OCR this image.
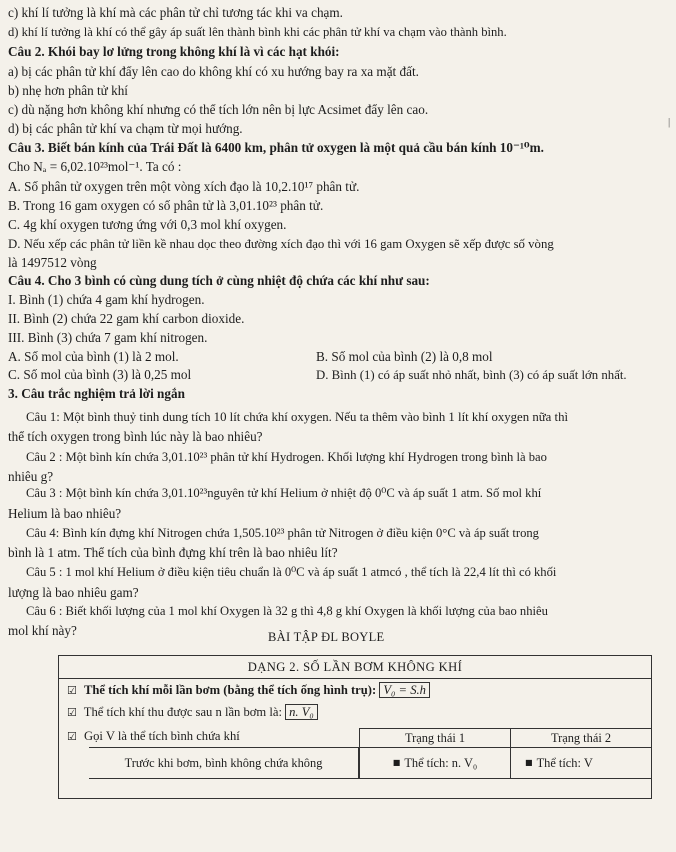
c) khí lí tưởng là khí mà các phân tử chỉ tương tác khi va chạm.
d) khí lí tưởng là khí có thể gây áp suất lên thành bình khi các phân tử khí va chạm vào thành bình.
Câu 2. Khói bay lơ lửng trong không khí là vì các hạt khói:
a) bị các phân tử khí đẩy lên cao do không khí có xu hướng bay ra xa mặt đất.
b) nhẹ hơn phân tử khí
c) dù nặng hơn không khí nhưng có thể tích lớn nên bị lực Acsimet đẩy lên cao.
d) bị các phân tử khí va chạm từ mọi hướng.
Câu 3. Biết bán kính của Trái Đất là 6400 km, phân tử oxygen là một quả cầu bán kính 10⁻¹⁰m.
Cho Nₐ = 6,02.10²³mol⁻¹. Ta có :
A. Số phân tử oxygen trên một vòng xích đạo là 10,2.10¹⁷ phân tử.
B. Trong 16 gam oxygen có số phân tử là 3,01.10²³ phân tử.
C. 4g khí oxygen tương ứng với 0,3 mol khí oxygen.
D. Nếu xếp các phân tử liền kề nhau dọc theo đường xích đạo thì với 16 gam Oxygen sẽ xếp được số vòng
là 1497512 vòng
Câu 4. Cho 3 bình có cùng dung tích ở cùng nhiệt độ chứa các khí như sau:
I. Bình (1) chứa 4 gam khí hydrogen.
II. Bình (2) chứa 22 gam khí carbon dioxide.
III. Bình (3) chứa 7 gam khí nitrogen.
A. Số mol của bình (1) là 2 mol.	B. Số mol của bình (2) là 0,8 mol
C. Số mol của bình (3) là 0,25 mol	D. Bình (1) có áp suất nhỏ nhất, bình (3) có áp suất lớn nhất.
3. Câu trắc nghiệm trả lời ngắn
Câu 1: Một bình thuỷ tinh dung tích 10 lít chứa khí oxygen. Nếu ta thêm vào bình 1 lít khí oxygen nữa thì
thể tích oxygen trong bình lúc này là bao nhiêu?
Câu 2 : Một bình kín chứa 3,01.10²³ phân tử khí Hydrogen. Khối lượng khí Hydrogen trong bình là bao
nhiêu g?
Câu 3 : Một bình kín chứa 3,01.10²³nguyên tử khí Helium ở nhiệt độ 0⁰C và áp suất 1 atm. Số mol khí
Helium là bao nhiêu?
Câu 4: Bình kín đựng khí Nitrogen chứa 1,505.10²³ phân tử Nitrogen ở điều kiện 0°C và áp suất trong
bình là 1 atm. Thể tích của bình đựng khí trên là bao nhiêu lít?
Câu 5 : 1 mol khí Helium ở điều kiện tiêu chuẩn là 0⁰C và áp suất 1 atmcó , thể tích là 22,4 lít thì có khối
lượng là bao nhiêu gam?
Câu 6 : Biết khối lượng của 1 mol khí Oxygen là 32 g thì 4,8 g khí Oxygen là khối lượng của bao nhiêu
mol khí này?	BÀI TẬP ĐL BOYLE
|
DẠNG 2. SỐ LẦN BƠM KHÔNG KHÍ
☑ Thể tích khí mỗi lần bơm (bằng thể tích ống hình trụ): V₀ = S.h
☑ Thể tích khí thu được sau n lần bơm là: n. V₀
☑ Gọi V là thể tích bình chứa khí	Trạng thái 1	Trạng thái 2
Trước khi bơm, bình không chứa không	■ Thể tích: n. V₀	■ Thể tích: V
